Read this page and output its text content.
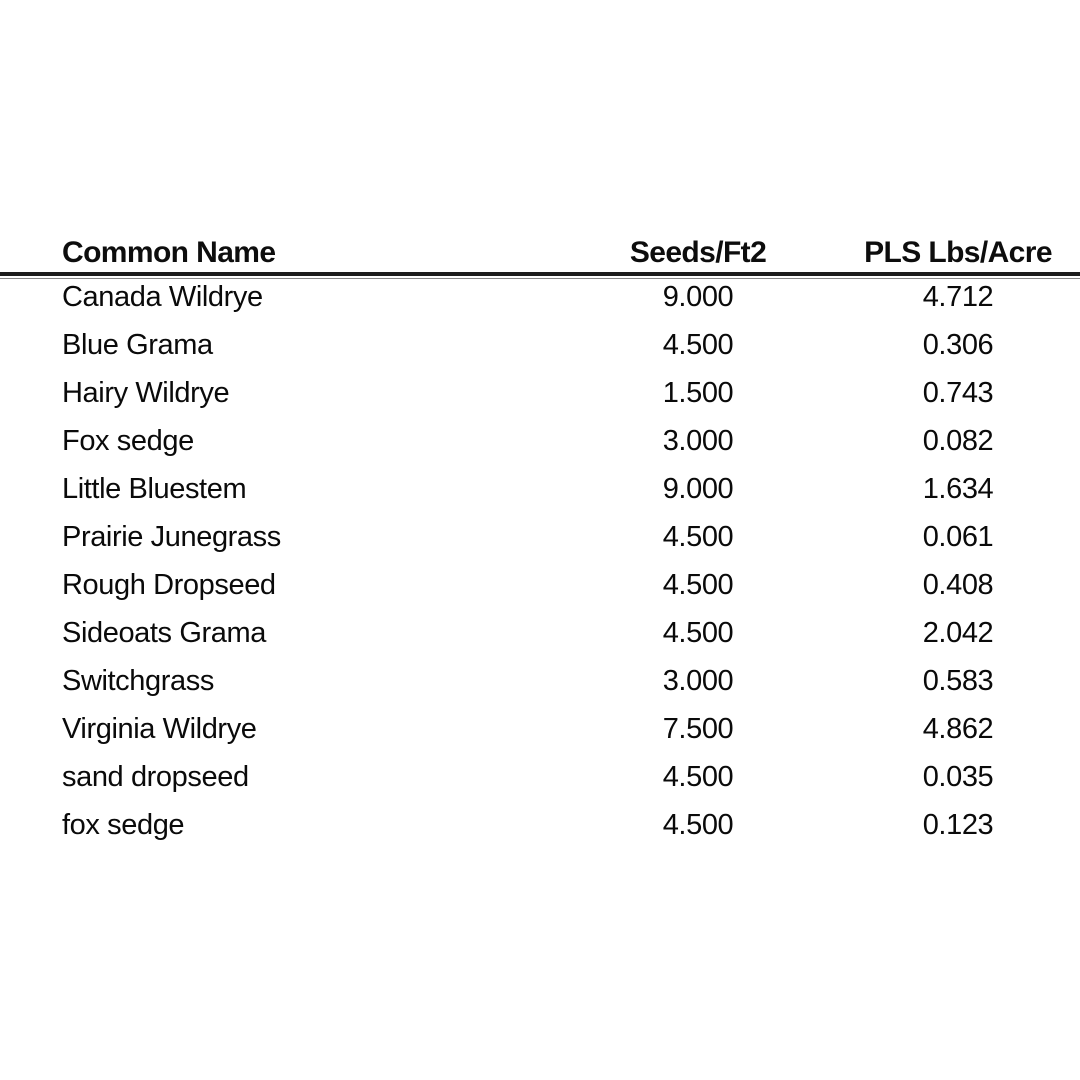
Common Name	Seeds/Ft2	PLS Lbs/Acre
Canada Wildrye	9.000	4.712
Blue Grama	4.500	0.306
Hairy Wildrye	1.500	0.743
Fox sedge	3.000	0.082
Little Bluestem	9.000	1.634
Prairie Junegrass	4.500	0.061
Rough Dropseed	4.500	0.408
Sideoats Grama	4.500	2.042
Switchgrass	3.000	0.583
Virginia Wildrye	7.500	4.862
sand dropseed	4.500	0.035
fox sedge	4.500	0.123
